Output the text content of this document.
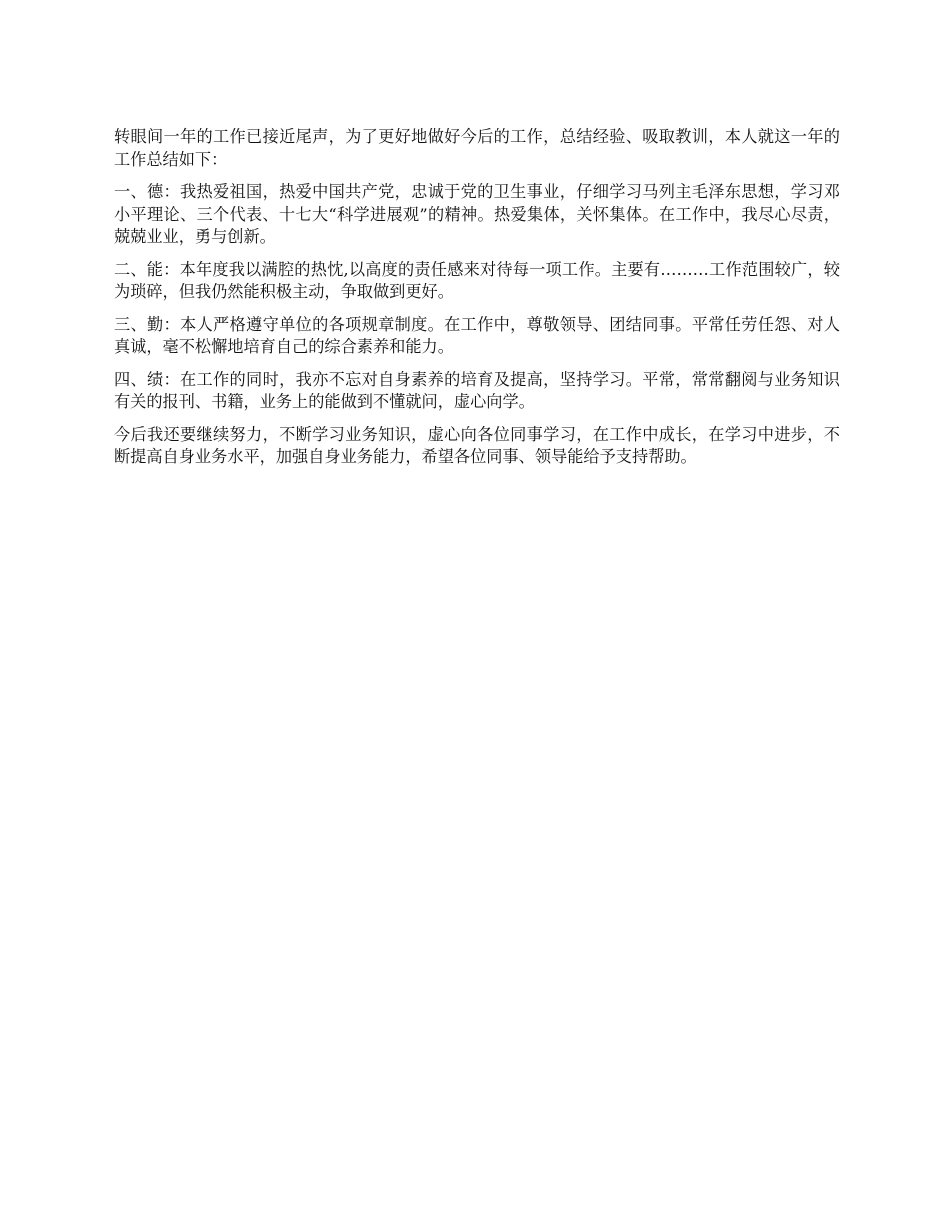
转眼间一年的工作已接近尾声，为了更好地做好今后的工作，总结经验、吸取教训，本人就这一年的工作总结如下：

一、德：我热爱祖国，热爱中国共产党，忠诚于党的卫生事业，仔细学习马列主毛泽东思想，学习邓小平理论、三个代表、十七大“科学进展观”的精神。热爱集体，关怀集体。在工作中，我尽心尽责，兢兢业业，勇与创新。

二、能：本年度我以满腔的热忱,以高度的责任感来对待每一项工作。主要有………工作范围较广，较为琐碎，但我仍然能积极主动，争取做到更好。

三、勤：本人严格遵守单位的各项规章制度。在工作中，尊敬领导、团结同事。平常任劳任怨、对人真诚，毫不松懈地培育自己的综合素养和能力。

四、绩：在工作的同时，我亦不忘对自身素养的培育及提高，坚持学习。平常，常常翻阅与业务知识有关的报刊、书籍，业务上的能做到不懂就问，虚心向学。

今后我还要继续努力，不断学习业务知识，虚心向各位同事学习，在工作中成长，在学习中进步，不断提高自身业务水平，加强自身业务能力，希望各位同事、领导能给予支持帮助。
